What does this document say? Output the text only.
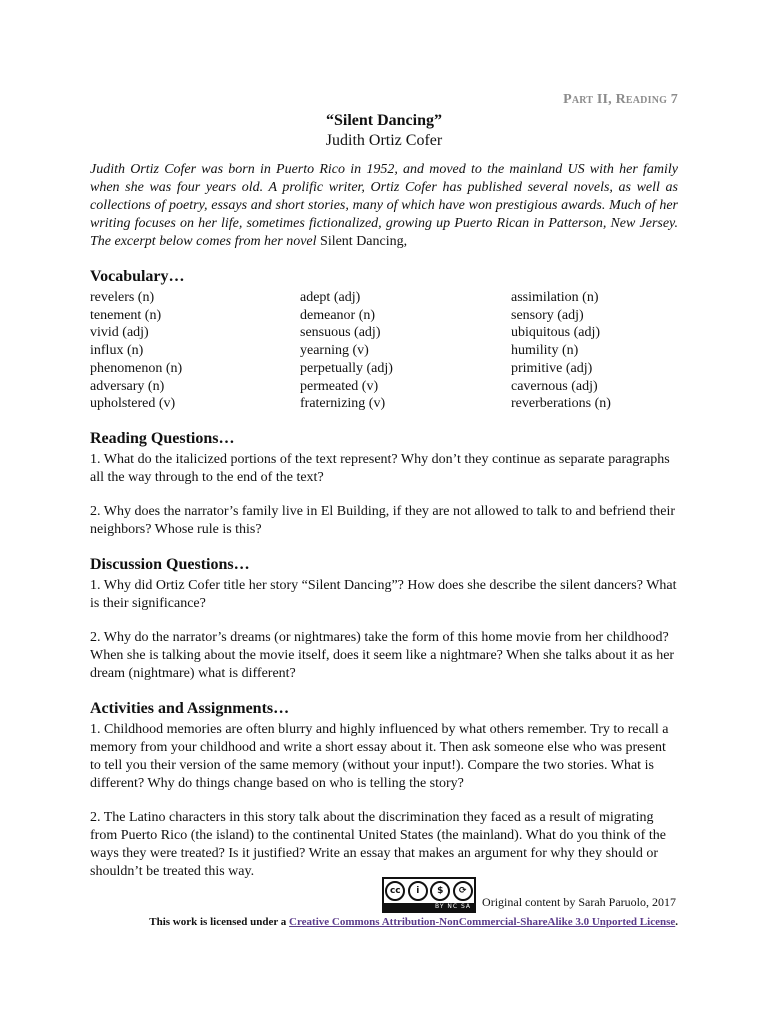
Part II, Reading 7
“Silent Dancing”
Judith Ortiz Cofer
Judith Ortiz Cofer was born in Puerto Rico in 1952, and moved to the mainland US with her family when she was four years old. A prolific writer, Ortiz Cofer has published several novels, as well as collections of poetry, essays and short stories, many of which have won prestigious awards. Much of her writing focuses on her life, sometimes fictionalized, growing up Puerto Rican in Patterson, New Jersey. The excerpt below comes from her novel Silent Dancing,
Vocabulary…
revelers (n)	adept (adj)	assimilation (n)
tenement (n)	demeanor (n)	sensory (adj)
vivid (adj)	sensuous (adj)	ubiquitous (adj)
influx (n)	yearning (v)	humility (n)
phenomenon (n)	perpetually (adj)	primitive (adj)
adversary (n)	permeated (v)	cavernous (adj)
upholstered (v)	fraternizing (v)	reverberations (n)
Reading Questions…

1. What do the italicized portions of the text represent? Why don’t they continue as separate paragraphs all the way through to the end of the text?

2. Why does the narrator’s family live in El Building, if they are not allowed to talk to and befriend their neighbors? Whose rule is this?

Discussion Questions…

1. Why did Ortiz Cofer title her story “Silent Dancing”? How does she describe the silent dancers? What is their significance?

2. Why do the narrator’s dreams (or nightmares) take the form of this home movie from her childhood? When she is talking about the movie itself, does it seem like a nightmare? When she talks about it as her dream (nightmare) what is different?

Activities and Assignments…

1. Childhood memories are often blurry and highly influenced by what others remember. Try to recall a memory from your childhood and write a short essay about it. Then ask someone else who was present to tell you their version of the same memory (without your input!). Compare the two stories. What is different? Why do things change based on who is telling the story?

2. The Latino characters in this story talk about the discrimination they faced as a result of migrating from Puerto Rico (the island) to the continental United States (the mainland). What do you think of the ways they were treated? Is it justified? Write an essay that makes an argument for why they should or shouldn’t be treated this way.

cc	i	$	⟳
BY NC SA Original content by Sarah Paruolo, 2017
This work is licensed under a Creative Commons Attribution-NonCommercial-ShareAlike 3.0 Unported License.
